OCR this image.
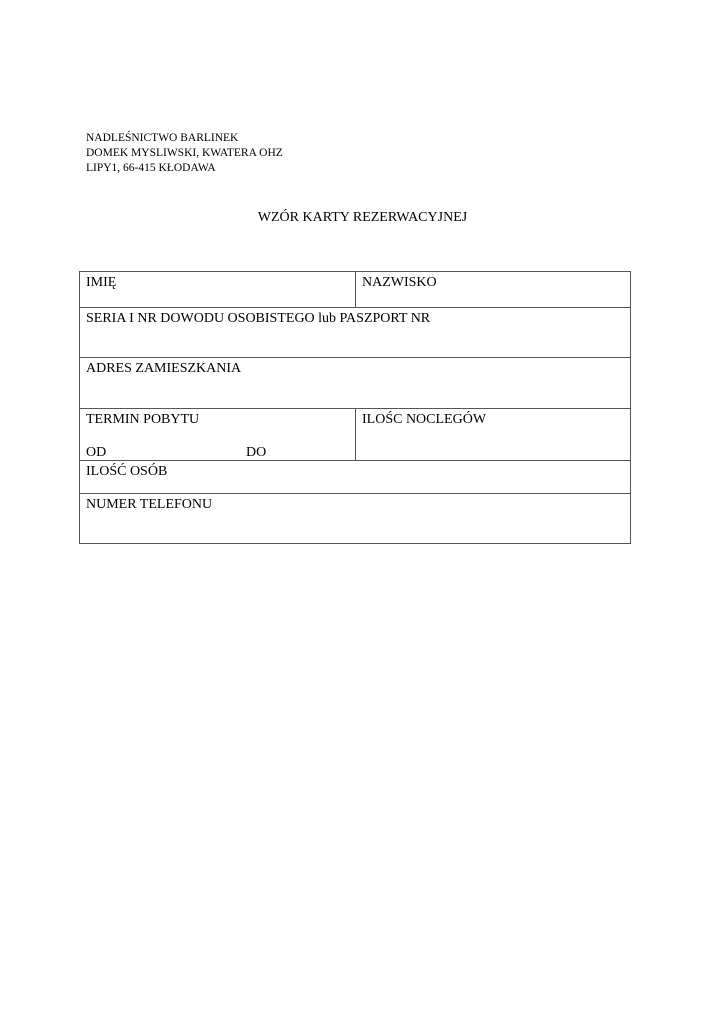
NADLEŚNICTWO BARLINEK
DOMEK MYSLIWSKI, KWATERA OHZ
LIPY1, 66-415 KŁODAWA
WZÓR KARTY REZERWACYJNEJ
IMIĘ	NAZWISKO
SERIA I NR DOWODU OSOBISTEGO lub PASZPORT NR
ADRES ZAMIESZKANIA
TERMIN POBYTU
OD	DO
ILOŚC NOCLEGÓW
ILOŚĆ OSÓB
NUMER TELEFONU
